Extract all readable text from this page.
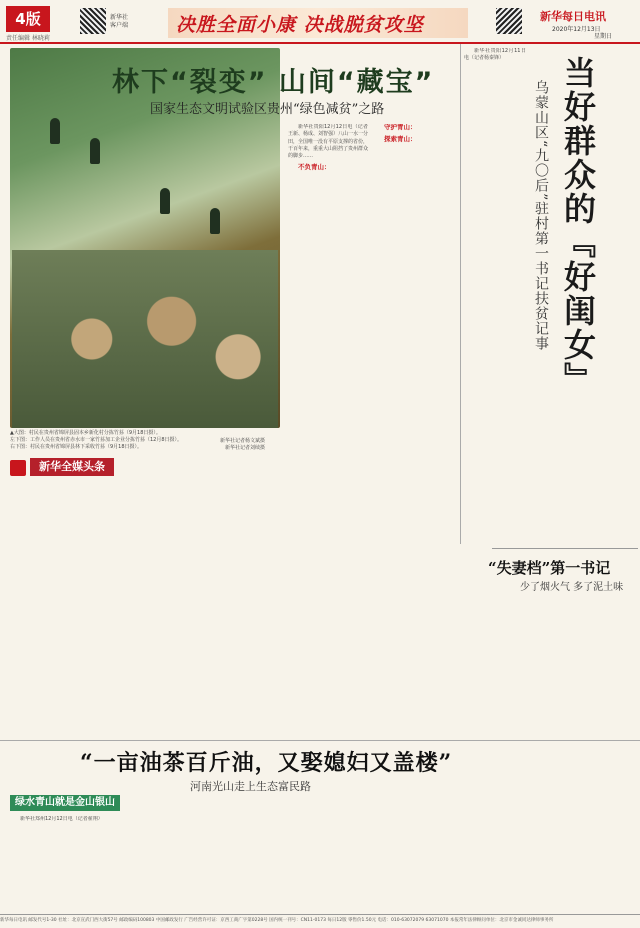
4版
责任编辑 林晓莉
新华社
客户端	决胜全面小康 决战脱贫攻坚	新华每日电讯
2020年12月13日
星期日
▲大图：村民在贵州省锦屏县固本乡新化村分拣竹荪（9月18日摄）。
左下图：工作人员在贵州省赤水市一家竹荪加工企业分拣竹荪（12月8日摄）。
右下图：村民在贵州省锦屏县林下采收竹荪（9月18日摄）。
新华社记者杨文斌摄
新华社记者刘续摄
林下“裂变” 山间“藏宝”
国家生态文明试验区贵州“绿色减贫”之路

新华社贵阳12月12日电（记者王新、杨成、刘智强）八山一水一分田，全国唯一没有平原支撑的省份，干百年来，重重大山阻挡了贵州群众的脚步……

不负青山：

守护青山：

探索青山：

新华全媒头条

新华社贵阳12月11日电（记者杨秦锋）	当好群众的『好闺女』
乌蒙山区“九〇后”驻村第一书记扶贫记事
“失妻档”第一书记
少了烟火气 多了泥土味
“一亩油茶百斤油，又娶媳妇又盖楼”
河南光山走上生态富民路
绿水青山就是金山银山

新华社郑州12月12日电（记者翟翔）

新华每日电讯 邮发代号1-30 社址：北京宣武门西大街57号 邮政编码100803 中国邮政发行 广告经营许可证：京西工商广字第0228号 国内统一刊号：CN11-0173 每日12版 零售价1.50元 电话：010-63072079 63071070 本报常年法律顾问单位：北京市金诚同达律师事务所
